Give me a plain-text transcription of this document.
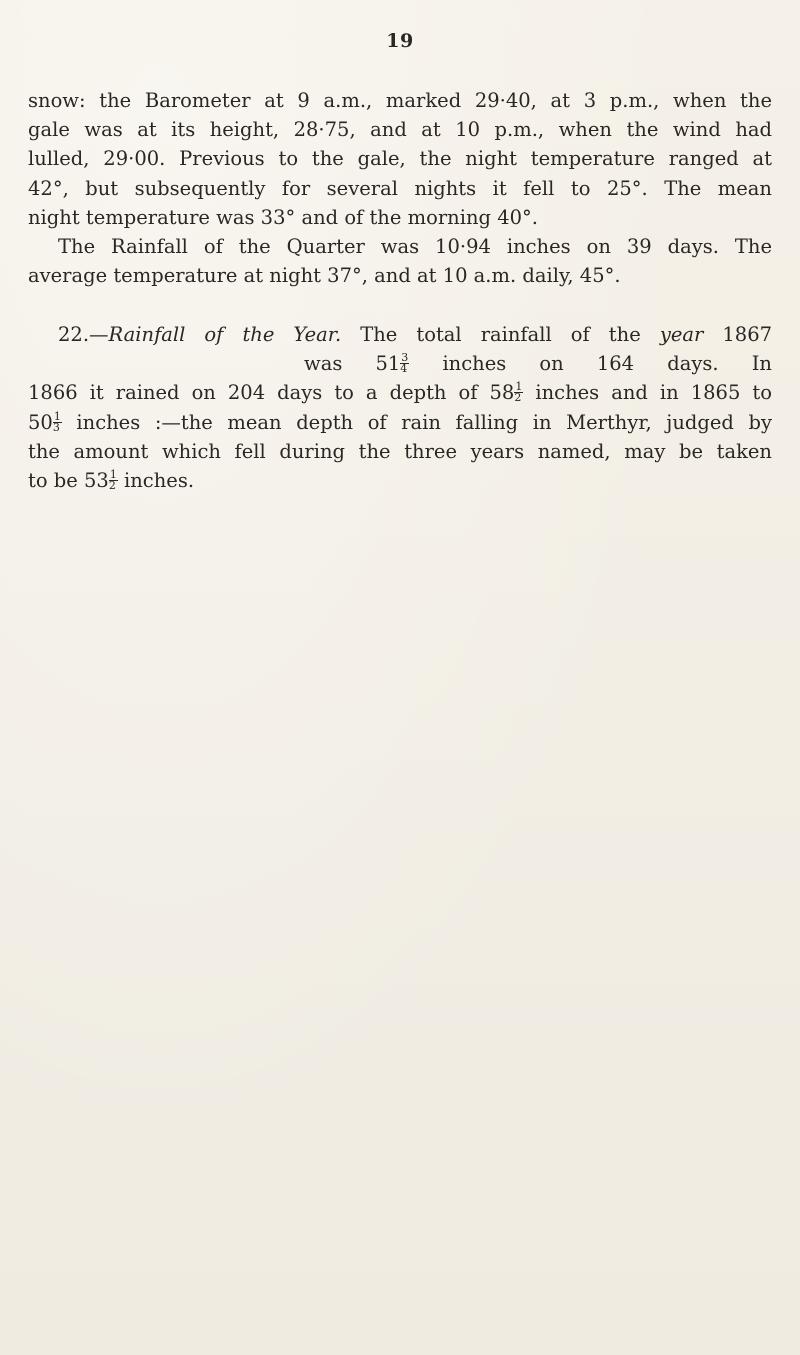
19
snow: the Barometer at 9 a.m., marked 29·40, at 3 p.m., when the
gale was at its height, 28·75, and at 10 p.m., when the wind had
lulled, 29·00. Previous to the gale, the night temperature ranged at
42°, but subsequently for several nights it fell to 25°. The mean
night temperature was 33° and of the morning 40°.
The Rainfall of the Quarter was 10·94 inches on 39 days. The
average temperature at night 37°, and at 10 a.m. daily, 45°.
22.—Rainfall of the Year. The total rainfall of the year 1867
was $51 \frac{3}{4}$ inches on 164 days. In
1866 it rained on 204 days to a depth of $58 \frac{1}{2}$ inches and in 1865 to
$50 \frac{1}{3}$ inches :—the mean depth of rain falling in Merthyr, judged by
the amount which fell during the three years named, may be taken
to be $53 \frac{1}{2}$ inches.
